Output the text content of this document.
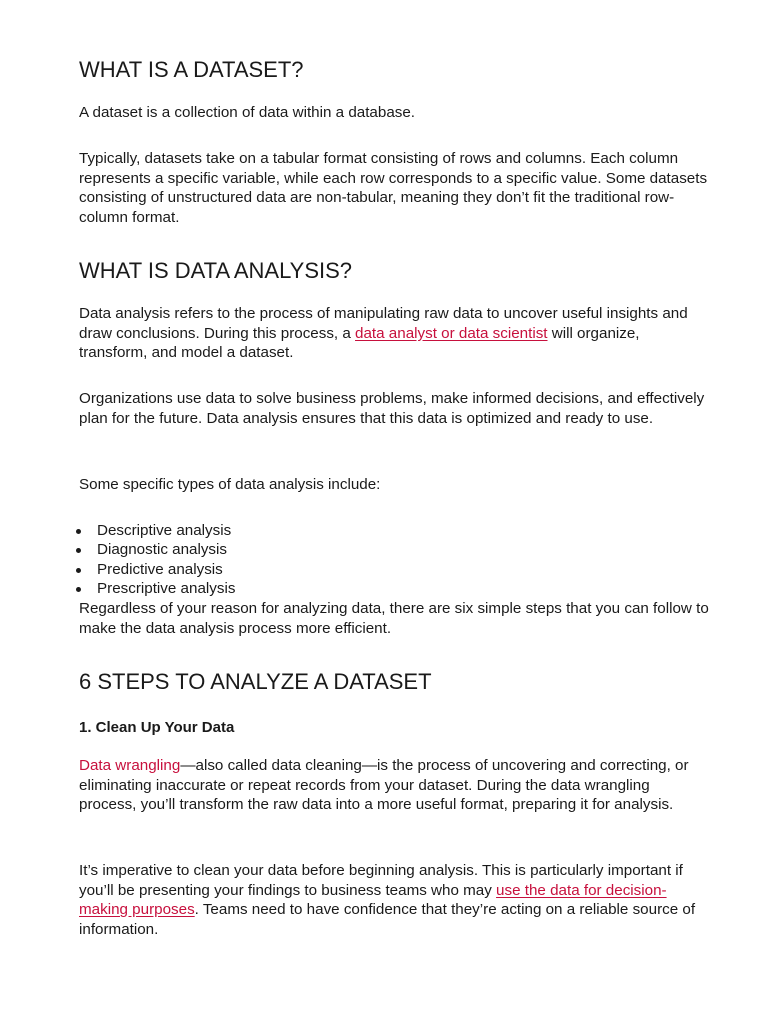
WHAT IS A DATASET?

A dataset is a collection of data within a database.

Typically, datasets take on a tabular format consisting of rows and columns. Each column represents a specific variable, while each row corresponds to a specific value. Some datasets consisting of unstructured data are non-tabular, meaning they don’t fit the traditional row-column format.

WHAT IS DATA ANALYSIS?

Data analysis refers to the process of manipulating raw data to uncover useful insights and draw conclusions. During this process, a data analyst or data scientist will organize, transform, and model a dataset.

Organizations use data to solve business problems, make informed decisions, and effectively plan for the future. Data analysis ensures that this data is optimized and ready to use.

Some specific types of data analysis include:

Descriptive analysis
Diagnostic analysis
Predictive analysis
Prescriptive analysis

Regardless of your reason for analyzing data, there are six simple steps that you can follow to make the data analysis process more efficient.

6 STEPS TO ANALYZE A DATASET
1. Clean Up Your Data

Data wrangling—also called data cleaning—is the process of uncovering and correcting, or eliminating inaccurate or repeat records from your dataset. During the data wrangling process, you’ll transform the raw data into a more useful format, preparing it for analysis.

It’s imperative to clean your data before beginning analysis. This is particularly important if you’ll be presenting your findings to business teams who may use the data for decision-making purposes. Teams need to have confidence that they’re acting on a reliable source of information.
